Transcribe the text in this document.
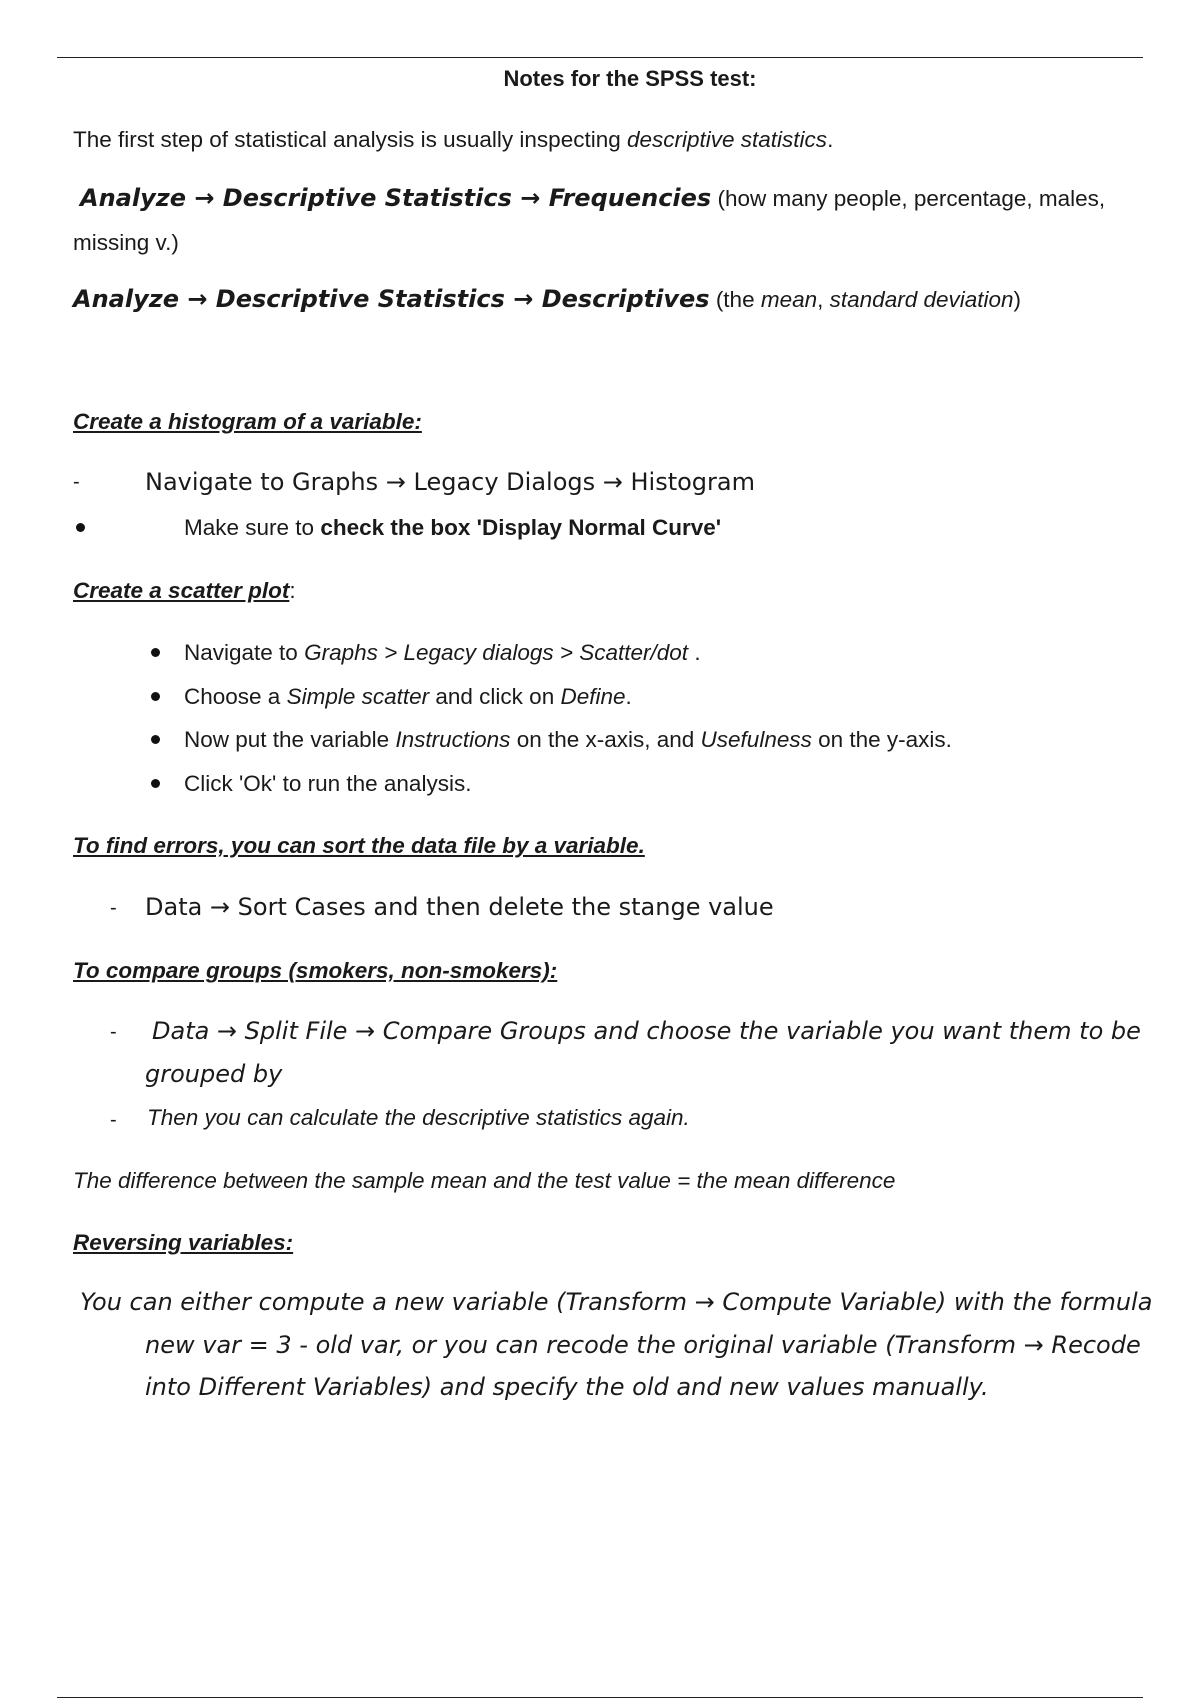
Notes for the SPSS test:
The first step of statistical analysis is usually inspecting descriptive statistics.
Analyze → Descriptive Statistics → Frequencies (how many people, percentage, males,
missing v.)
Analyze → Descriptive Statistics → Descriptives (the mean, standard deviation)
Create a histogram of a variable:
-	Navigate to Graphs → Legacy Dialogs → Histogram
Make sure to check the box 'Display Normal Curve'
Create a scatter plot:
Navigate to Graphs > Legacy dialogs > Scatter/dot .
Choose a Simple scatter and click on Define.
Now put the variable Instructions on the x-axis, and Usefulness on the y-axis.
Click 'Ok' to run the analysis.
To find errors, you can sort the data file by a variable.
- Data → Sort Cases and then delete the stange value
To compare groups (smokers, non-smokers):
- Data → Split File → Compare Groups and choose the variable you want them to be
grouped by
- Then you can calculate the descriptive statistics again.
The difference between the sample mean and the test value = the mean difference
Reversing variables:
You can either compute a new variable (Transform → Compute Variable) with the formula
new var = 3 - old var, or you can recode the original variable (Transform → Recode
into Different Variables) and specify the old and new values manually.
